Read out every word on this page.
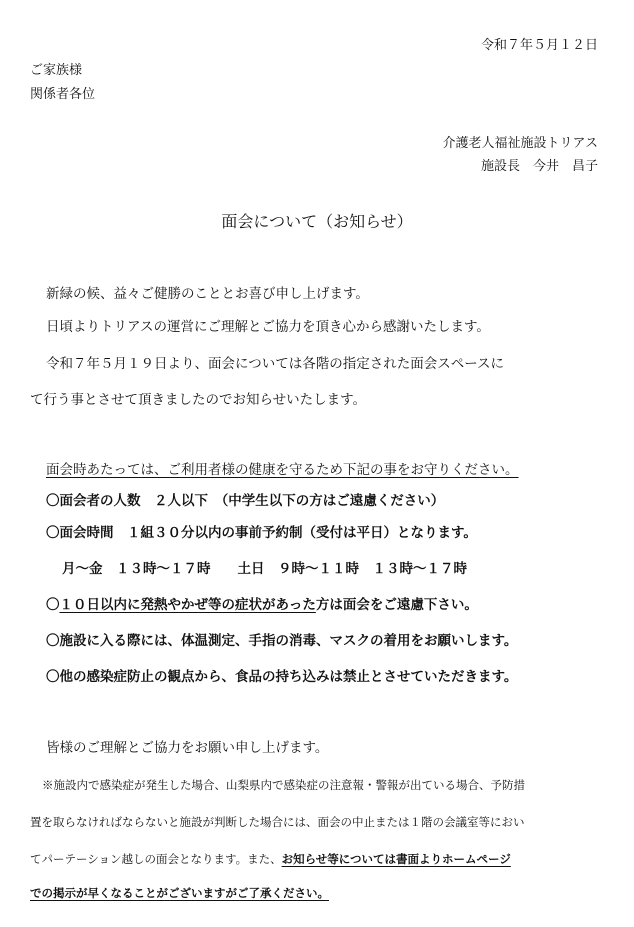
令和７年５月１２日
ご家族様
関係者各位
介護老人福祉施設トリアス
施設長　今井　昌子
面会について（お知らせ）
新緑の候、益々ご健勝のこととお喜び申し上げます。
日頃よりトリアスの運営にご理解とご協力を頂き心から感謝いたします。
令和７年５月１９日より、面会については各階の指定された面会スペースに
て行う事とさせて頂きましたのでお知らせいたします。
面会時あたっては、ご利用者様の健康を守るため下記の事をお守りください。
〇面会者の人数　２人以下　（中学生以下の方はご遠慮ください）
〇面会時間　１組３０分以内の事前予約制（受付は平日）となります。
月～金　１３時～１７時　　土日　９時～１１時　１３時～１７時
〇１０日以内に発熱やかぜ等の症状があった方は面会をご遠慮下さい。
〇施設に入る際には、体温測定、手指の消毒、マスクの着用をお願いします。
〇他の感染症防止の観点から、食品の持ち込みは禁止とさせていただきます。
皆様のご理解とご協力をお願い申し上げます。
※施設内で感染症が発生した場合、山梨県内で感染症の注意報・警報が出ている場合、予防措
置を取らなければならないと施設が判断した場合には、面会の中止または１階の会議室等におい
てパーテーション越しの面会となります。また、お知らせ等については書面よりホームページ
での掲示が早くなることがございますがご了承ください。
